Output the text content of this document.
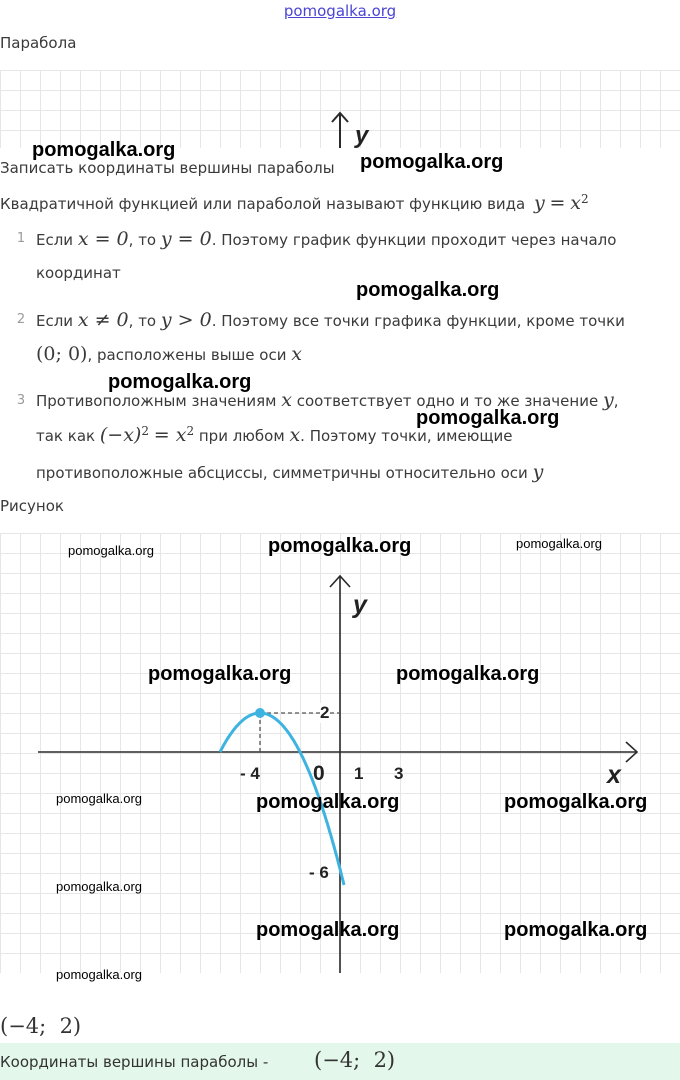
pomogalka.org
Парабола
y
Записать координаты вершины параболы
Квадратичной функцией или параболой называют функцию вида $y = x^2$
1 Если x = 0, то y = 0. Поэтому график функции проходит через начало
координат
2 Если x ≠ 0, то y > 0. Поэтому все точки графика функции, кроме точки
(0; 0), расположены выше оси x
3 Противоположным значениям x соответствует одно и то же значение y,
так как $(-x)^2 = x^2$ при любом x. Поэтому точки, имеющие
противоположные абсциссы, симметричны относительно оси y
Рисунок
y
x
- 4	0 1 3
2
- 6
(−4;  2)
Координаты вершины параболы - (−4;  2)
pomogalka.org
pomogalka.org
pomogalka.org
pomogalka.org
pomogalka.org
pomogalka.org	pomogalka.org	pomogalka.org
pomogalka.org	pomogalka.org
pomogalka.org	pomogalka.org	pomogalka.org
pomogalka.org
pomogalka.org	pomogalka.org
pomogalka.org
